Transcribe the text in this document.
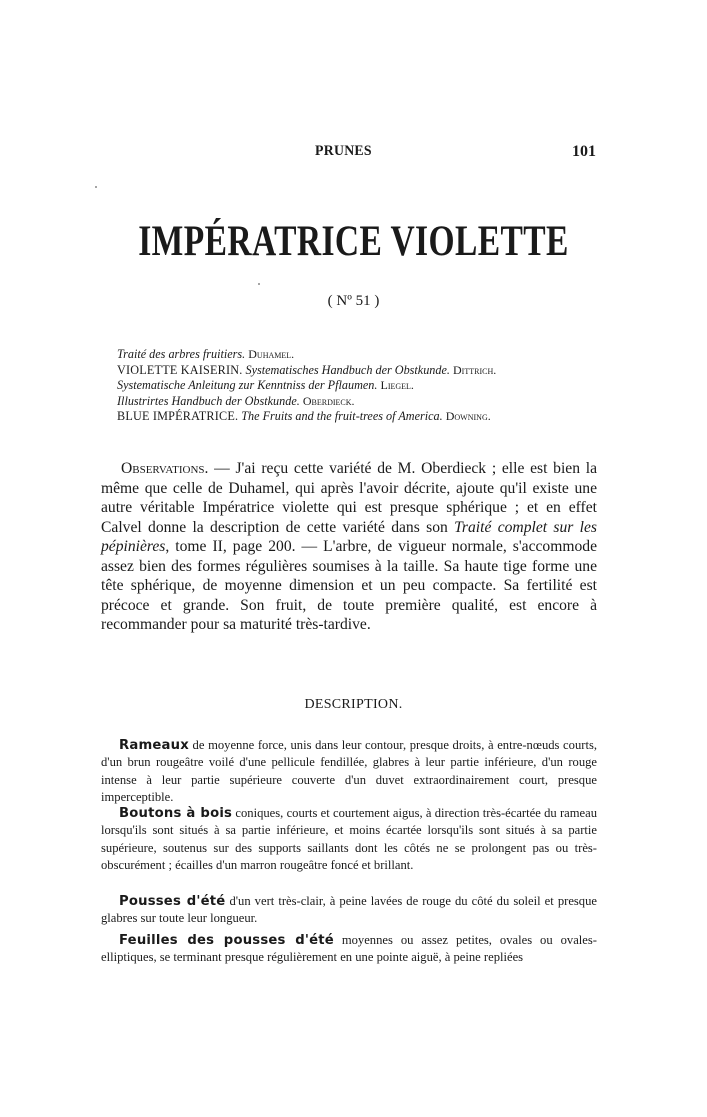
PRUNES	101
IMPÉRATRICE VIOLETTE
( Nº 51 )
Traité des arbres fruitiers. Duhamel.
VIOLETTE KAISERIN. Systematisches Handbuch der Obstkunde. Dittrich.
Systematische Anleitung zur Kenntniss der Pflaumen. Liegel.
Illustrirtes Handbuch der Obstkunde. Oberdieck.
BLUE IMPÉRATRICE. The Fruits and the fruit-trees of America. Downing.
Observations. — J'ai reçu cette variété de M. Oberdieck ; elle est bien la même que celle de Duhamel, qui après l'avoir décrite, ajoute qu'il existe une autre véritable Impératrice violette qui est presque sphérique ; et en effet Calvel donne la description de cette variété dans son Traité complet sur les pépinières, tome II, page 200. — L'arbre, de vigueur normale, s'accommode assez bien des formes régulières soumises à la taille. Sa haute tige forme une tête sphérique, de moyenne dimension et un peu compacte. Sa fertilité est précoce et grande. Son fruit, de toute première qualité, est encore à recommander pour sa maturité très-tardive.
DESCRIPTION.
Rameaux de moyenne force, unis dans leur contour, presque droits, à entre-nœuds courts, d'un brun rougeâtre voilé d'une pellicule fendillée, glabres à leur partie inférieure, d'un rouge intense à leur partie supérieure couverte d'un duvet extraordinairement court, presque imperceptible.
Boutons à bois coniques, courts et courtement aigus, à direction très-écartée du rameau lorsqu'ils sont situés à sa partie inférieure, et moins écartée lorsqu'ils sont situés à sa partie supérieure, soutenus sur des supports saillants dont les côtés ne se prolongent pas ou très-obscurément ; écailles d'un marron rougeâtre foncé et brillant.
Pousses d'été d'un vert très-clair, à peine lavées de rouge du côté du soleil et presque glabres sur toute leur longueur.
Feuilles des pousses d'été moyennes ou assez petites, ovales ou ovales-elliptiques, se terminant presque régulièrement en une pointe aiguë, à peine repliées
